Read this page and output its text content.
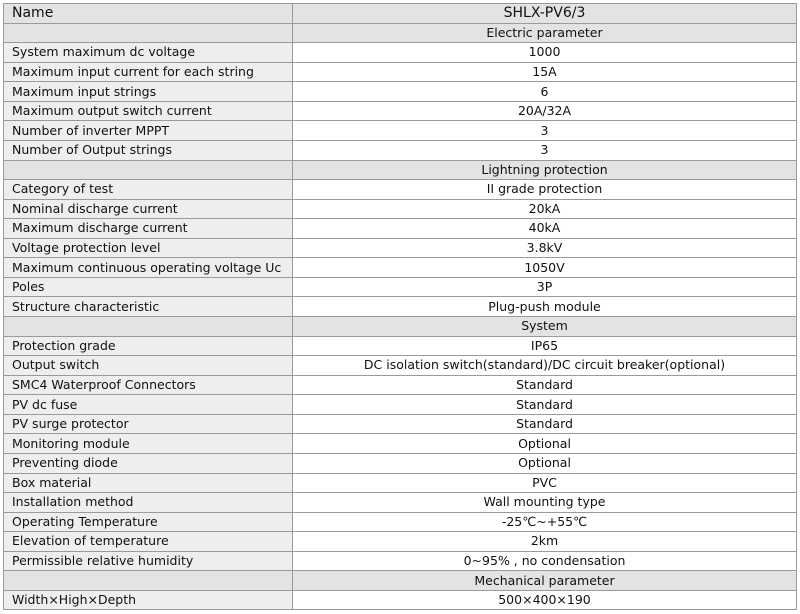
Name	SHLX-PV6/3
	Electric parameter
System maximum dc voltage	1000
Maximum input current for each string	15A
Maximum input strings	6
Maximum output switch current	20A/32A
Number of inverter MPPT	3
Number of Output strings	3
	Lightning protection
Category of test	II grade protection
Nominal discharge current	20kA
Maximum discharge current	40kA
Voltage protection level	3.8kV
Maximum continuous operating voltage Uc	1050V
Poles	3P
Structure characteristic	Plug-push module
	System
Protection grade	IP65
Output switch	DC isolation switch(standard)/DC circuit breaker(optional)
SMC4 Waterproof Connectors	Standard
PV dc fuse	Standard
PV surge protector	Standard
Monitoring module	Optional
Preventing diode	Optional
Box material	PVC
Installation method	Wall mounting type
Operating Temperature	-25℃~+55℃
Elevation of temperature	2km
Permissible relative humidity	0~95% , no condensation
	Mechanical parameter
Width×High×Depth	500×400×190
